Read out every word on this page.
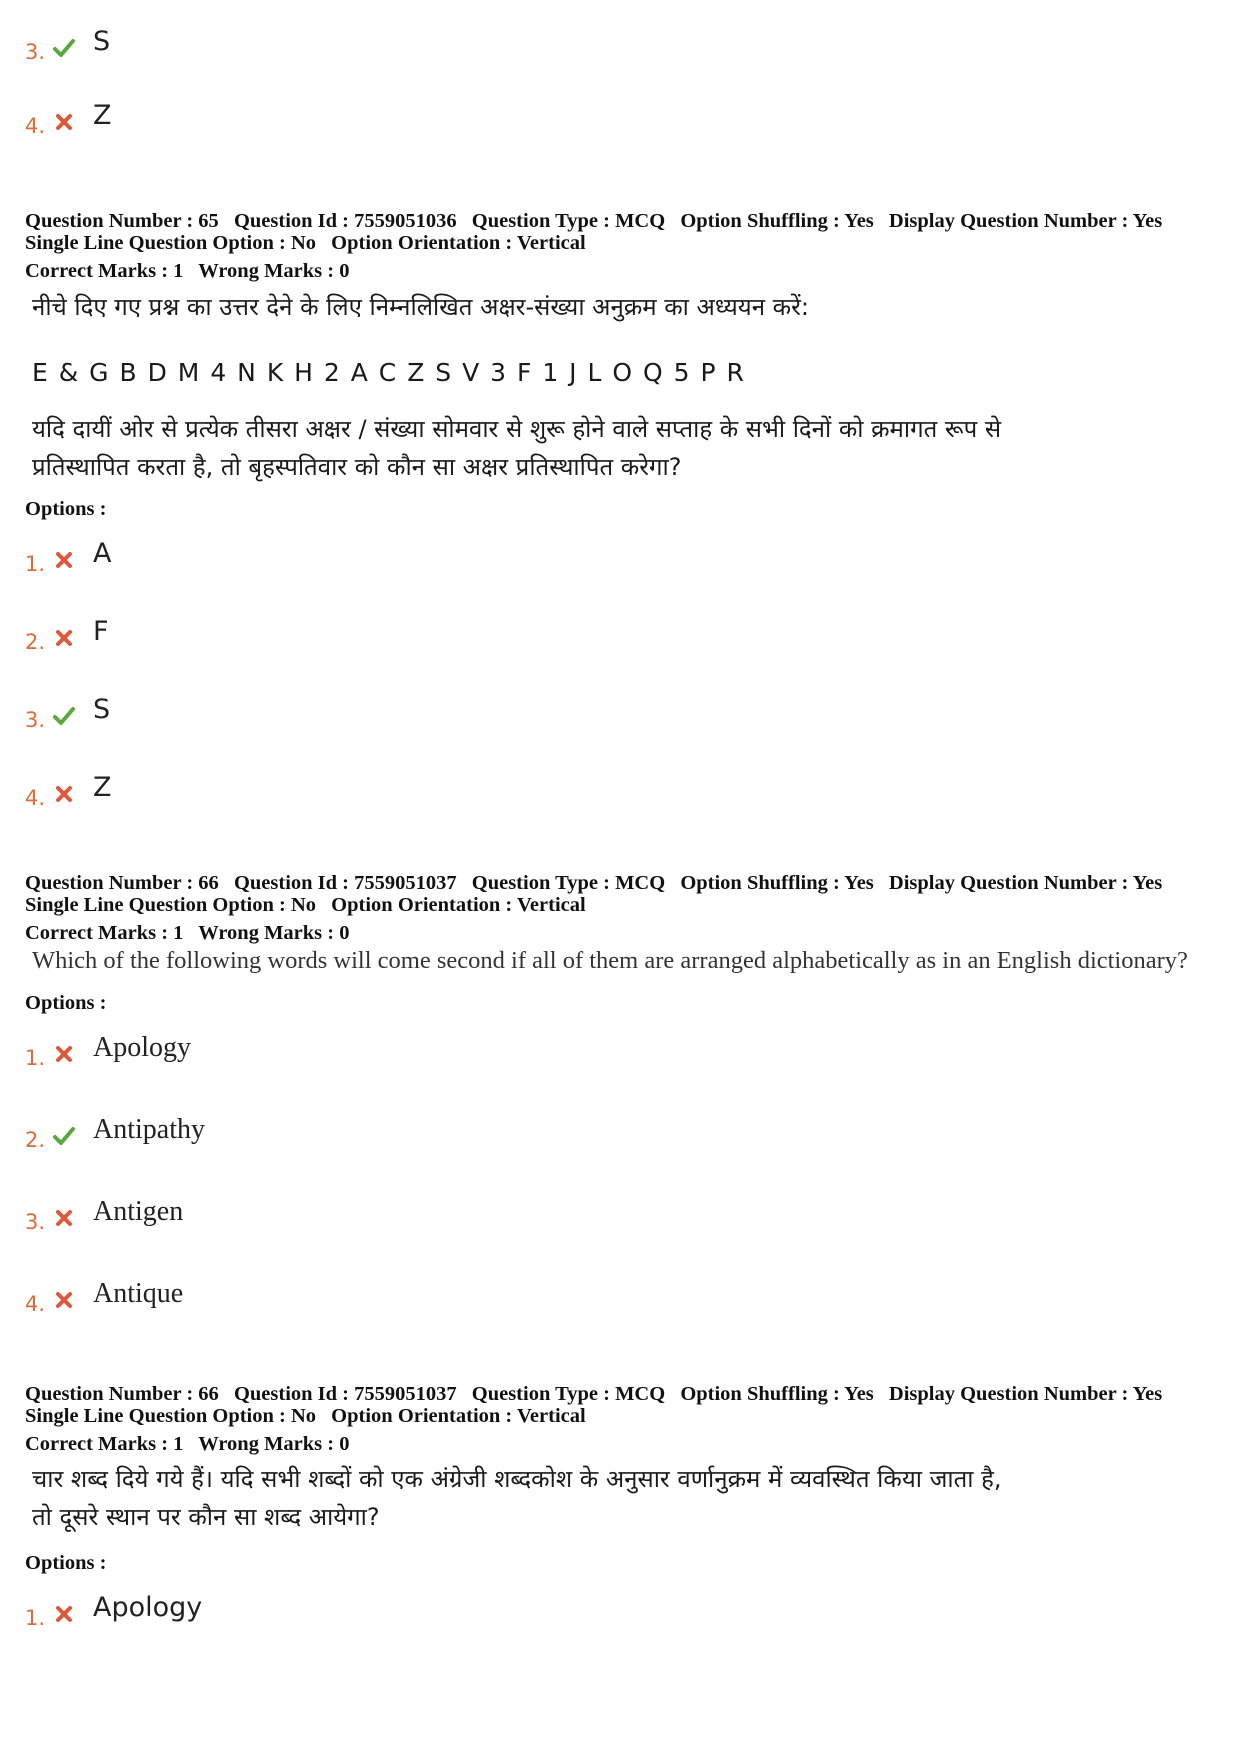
3. S
4. Z
Question Number : 65 Question Id : 7559051036 Question Type : MCQ Option Shuffling : Yes Display Question Number : Yes
Single Line Question Option : No Option Orientation : Vertical
Correct Marks : 1 Wrong Marks : 0
नीचे दिए गए प्रश्न का उत्तर देने के लिए निम्नलिखित अक्षर-संख्या अनुक्रम का अध्ययन करें:
E & G B D M 4 N K H 2 A C Z S V 3 F 1 J L O Q 5 P R
यदि दायीं ओर से प्रत्येक तीसरा अक्षर / संख्या सोमवार से शुरू होने वाले सप्ताह के सभी दिनों को क्रमागत रूप से
प्रतिस्थापित करता है, तो बृहस्पतिवार को कौन सा अक्षर प्रतिस्थापित करेगा?
Options :
1. A
2. F
3. S
4. Z
Question Number : 66 Question Id : 7559051037 Question Type : MCQ Option Shuffling : Yes Display Question Number : Yes
Single Line Question Option : No Option Orientation : Vertical
Correct Marks : 1 Wrong Marks : 0
Which of the following words will come second if all of them are arranged alphabetically as in an English dictionary?
Options :
1. Apology
2. Antipathy
3. Antigen
4. Antique
Question Number : 66 Question Id : 7559051037 Question Type : MCQ Option Shuffling : Yes Display Question Number : Yes
Single Line Question Option : No Option Orientation : Vertical
Correct Marks : 1 Wrong Marks : 0
चार शब्द दिये गये हैं। यदि सभी शब्दों को एक अंग्रेजी शब्दकोश के अनुसार वर्णानुक्रम में व्यवस्थित किया जाता है,
तो दूसरे स्थान पर कौन सा शब्द आयेगा?
Options :
1. Apology
